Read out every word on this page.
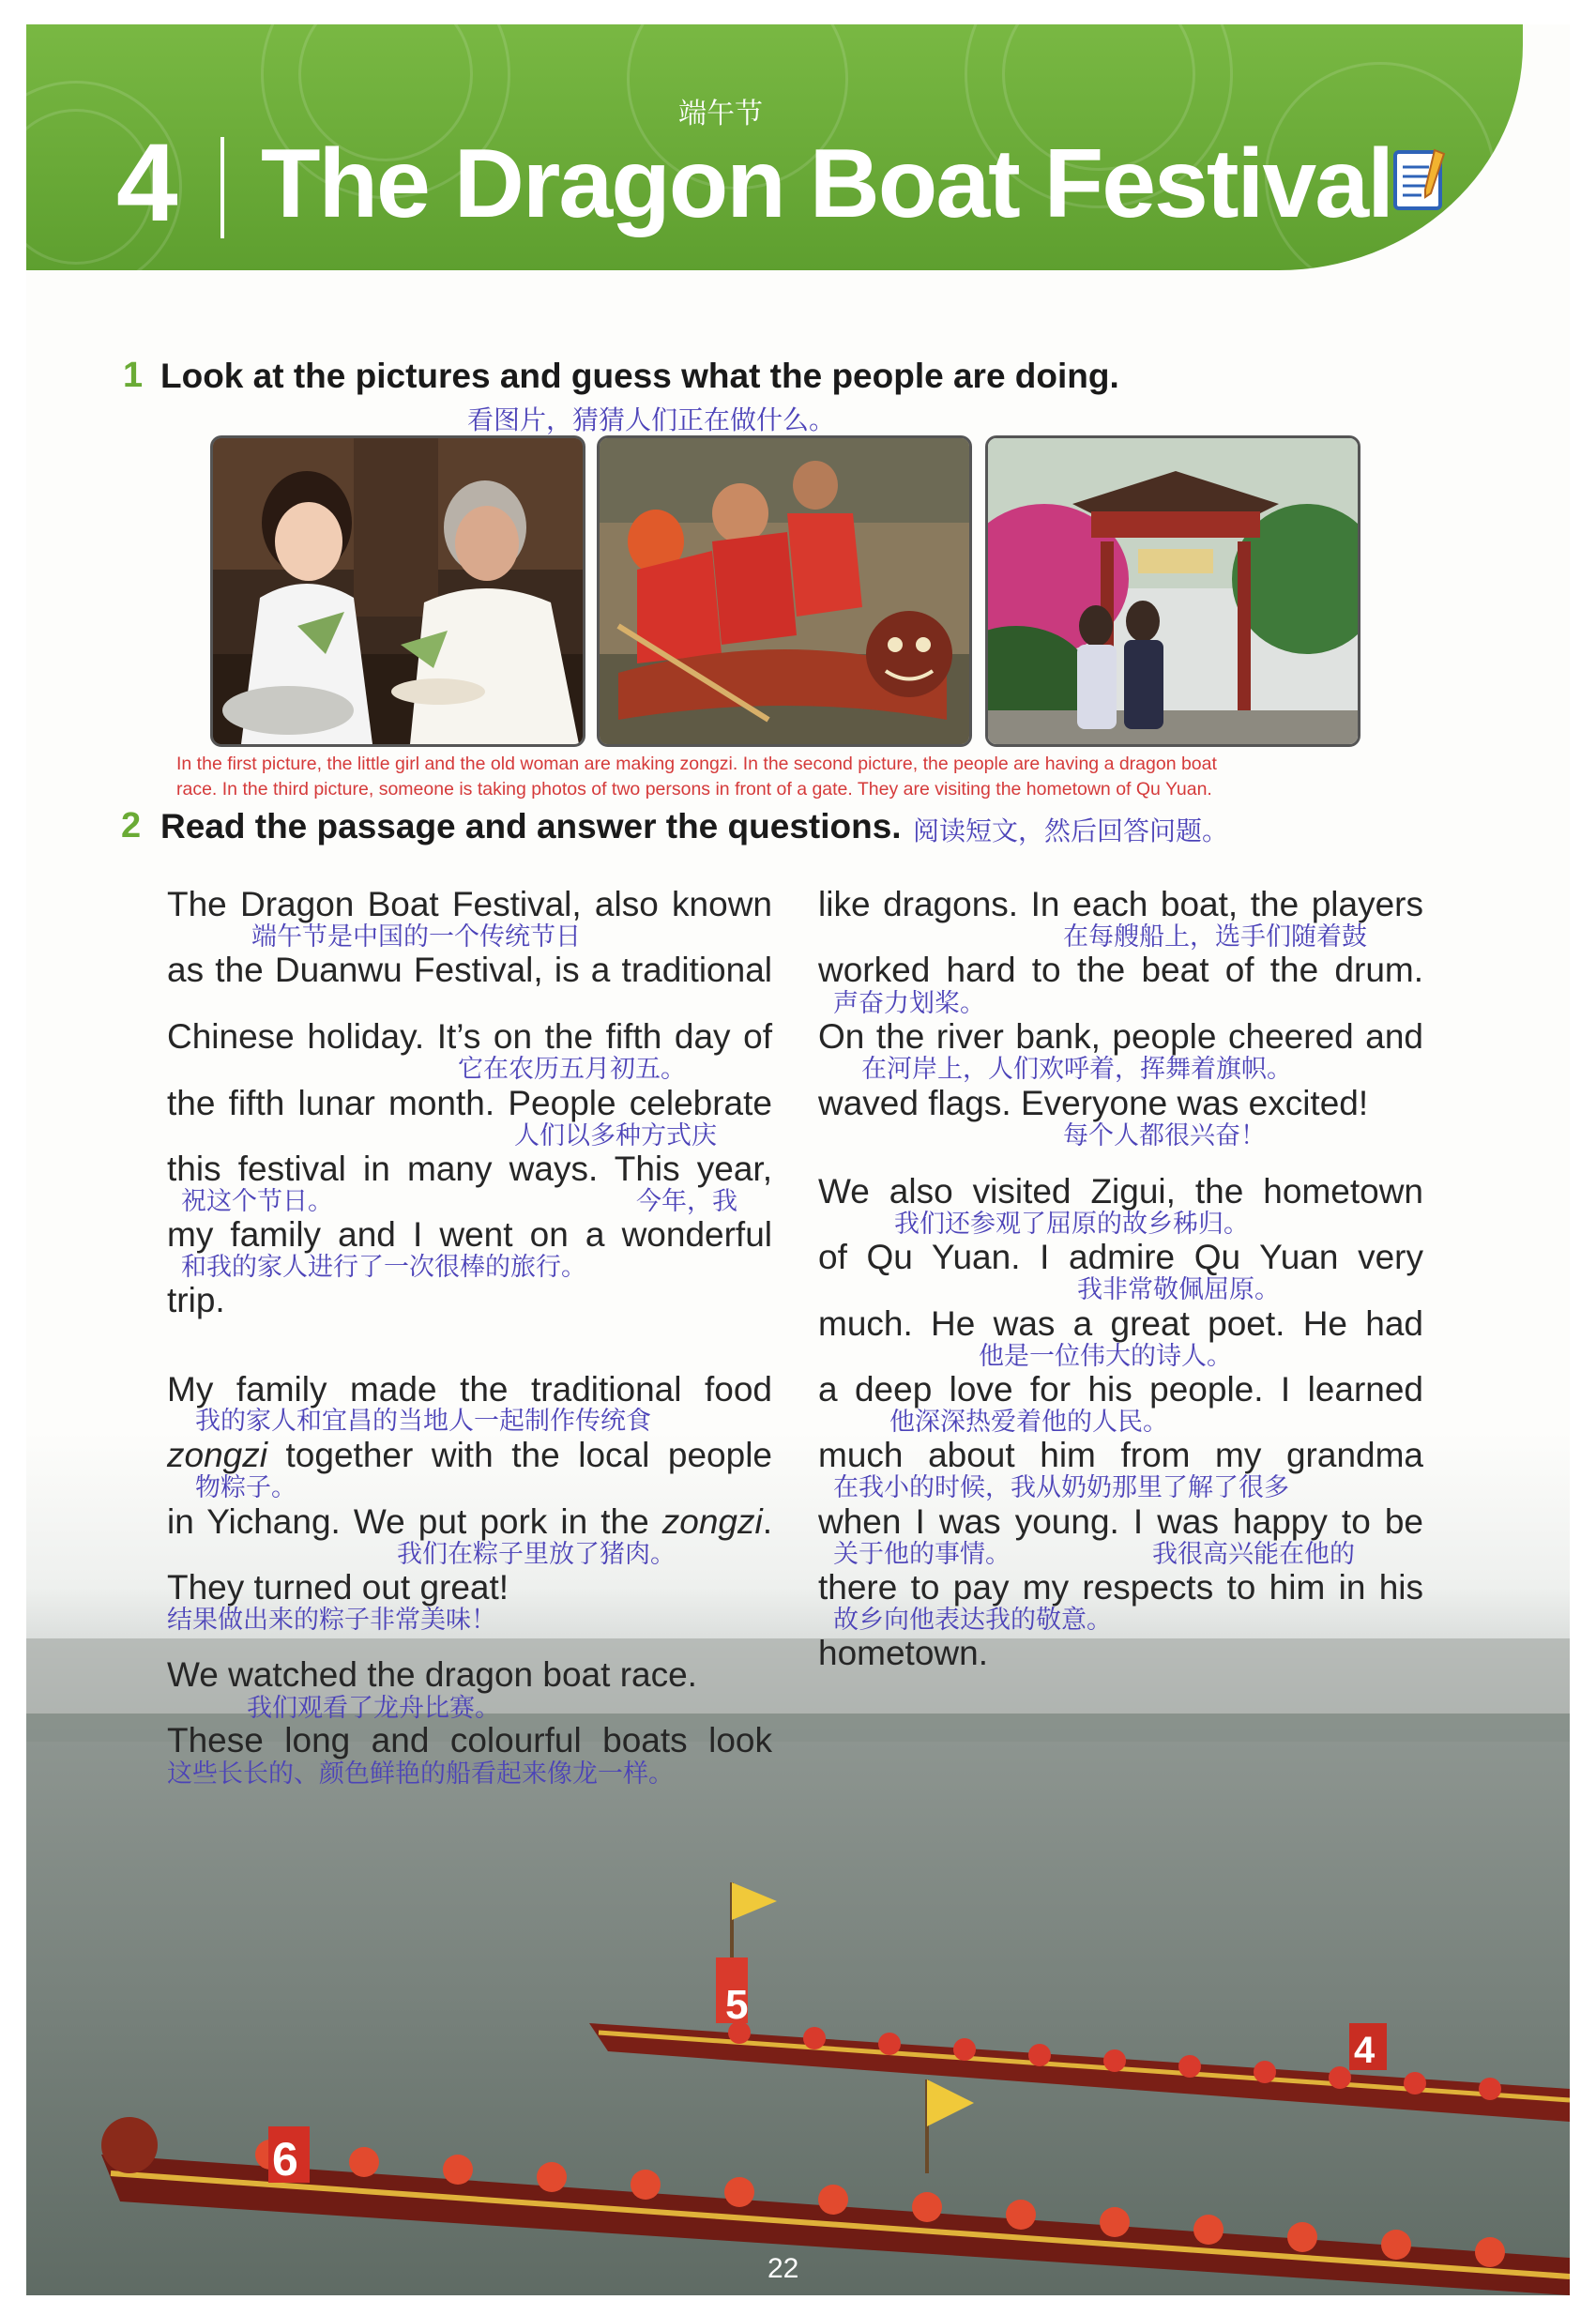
端午节
4 The Dragon Boat Festival
1 Look at the pictures and guess what the people are doing.
看图片，猜猜人们正在做什么。
In the first picture, the little girl and the old woman are making zongzi. In the second picture, the people are having a dragon boat
race. In the third picture, someone is taking photos of two persons in front of a gate. They are visiting the hometown of Qu Yuan.
2 Read the passage and answer the questions. 阅读短文，然后回答问题。
5
4
6
22
The Dragon Boat Festival, also known
端午节是中国的一个传统节日
as the Duanwu Festival, is a traditional
Chinese holiday. It’s on the fifth day of
它在农历五月初五。
the fifth lunar month. People celebrate
人们以多种方式庆
this festival in many ways. This year,
祝这个节日。	今年，我
my family and I went on a wonderful
和我的家人进行了一次很棒的旅行。
trip.
My family made the traditional food
我的家人和宜昌的当地人一起制作传统食
zongzi together with the local people
物粽子。
in Yichang. We put pork in the zongzi.
我们在粽子里放了猪肉。
They turned out great!
结果做出来的粽子非常美味！
We watched the dragon boat race.
我们观看了龙舟比赛。
These long and colourful boats look
这些长长的、颜色鲜艳的船看起来像龙一样。
like dragons. In each boat, the players
在每艘船上，选手们随着鼓
worked hard to the beat of the drum.
声奋力划桨。
On the river bank, people cheered and
在河岸上，人们欢呼着，挥舞着旗帜。
waved flags. Everyone was excited!
每个人都很兴奋！
We also visited Zigui, the hometown
我们还参观了屈原的故乡秭归。
of Qu Yuan. I admire Qu Yuan very
我非常敬佩屈原。
much. He was a great poet. He had
他是一位伟大的诗人。
a deep love for his people. I learned
他深深热爱着他的人民。
much about him from my grandma
在我小的时候，我从奶奶那里了解了很多
when I was young. I was happy to be
关于他的事情。	我很高兴能在他的
there to pay my respects to him in his
故乡向他表达我的敬意。
hometown.
